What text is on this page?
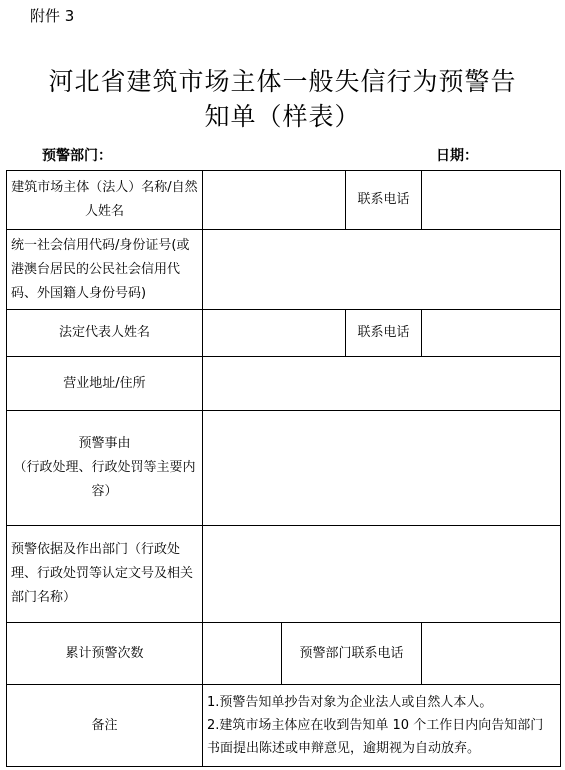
附件 3
河北省建筑市场主体一般失信行为预警告
知单（样表）
预警部门：	日期：
建筑市场主体（法人）名称/自然人姓名			联系电话	
统一社会信用代码/身份证号(或港澳台居民的公民社会信用代码、外国籍人身份号码)				
法定代表人姓名			联系电话	
营业地址/住所				

预警事由
（行政处理、行政处罚等主要内容）				

预警依据及作出部门（行政处理、行政处罚等认定文号及相关部门名称）				
累计预警次数		预警部门联系电话		
备注	1.预警告知单抄告对象为企业法人或自然人本人。
2.建筑市场主体应在收到告知单 10 个工作日内向告知部门书面提出陈述或申辩意见，逾期视为自动放弃。			
